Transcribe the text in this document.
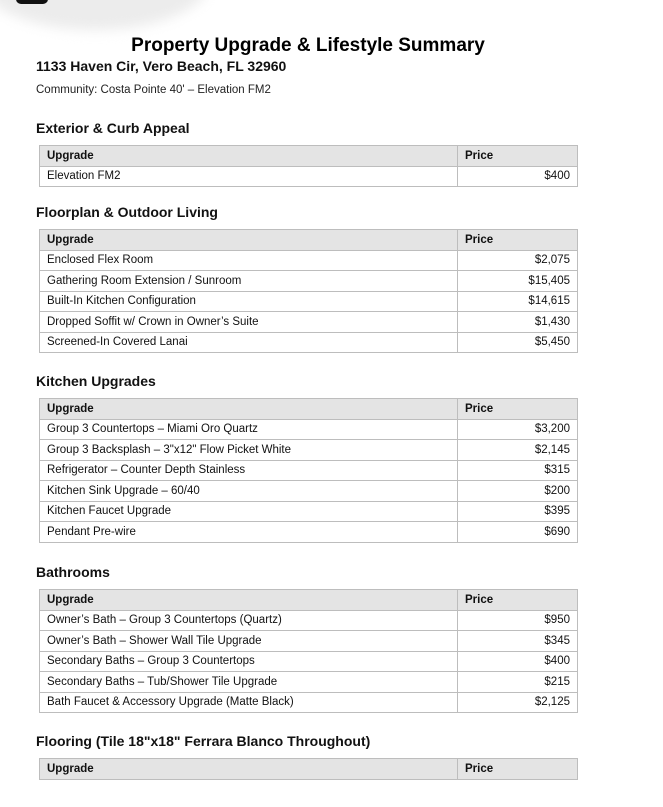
Property Upgrade & Lifestyle Summary
1133 Haven Cir, Vero Beach, FL 32960
Community: Costa Pointe 40' – Elevation FM2
Exterior & Curb Appeal
Upgrade	Price
Elevation FM2	$400
Floorplan & Outdoor Living
Upgrade	Price
Enclosed Flex Room	$2,075
Gathering Room Extension / Sunroom	$15,405
Built-In Kitchen Configuration	$14,615
Dropped Soffit w/ Crown in Owner’s Suite	$1,430
Screened-In Covered Lanai	$5,450
Kitchen Upgrades
Upgrade	Price
Group 3 Countertops – Miami Oro Quartz	$3,200
Group 3 Backsplash – 3"x12" Flow Picket White	$2,145
Refrigerator – Counter Depth Stainless	$315
Kitchen Sink Upgrade – 60/40	$200
Kitchen Faucet Upgrade	$395
Pendant Pre-wire	$690
Bathrooms
Upgrade	Price
Owner’s Bath – Group 3 Countertops (Quartz)	$950
Owner’s Bath – Shower Wall Tile Upgrade	$345
Secondary Baths – Group 3 Countertops	$400
Secondary Baths – Tub/Shower Tile Upgrade	$215
Bath Faucet & Accessory Upgrade (Matte Black)	$2,125
Flooring (Tile 18"x18" Ferrara Blanco Throughout)
Upgrade	Price
